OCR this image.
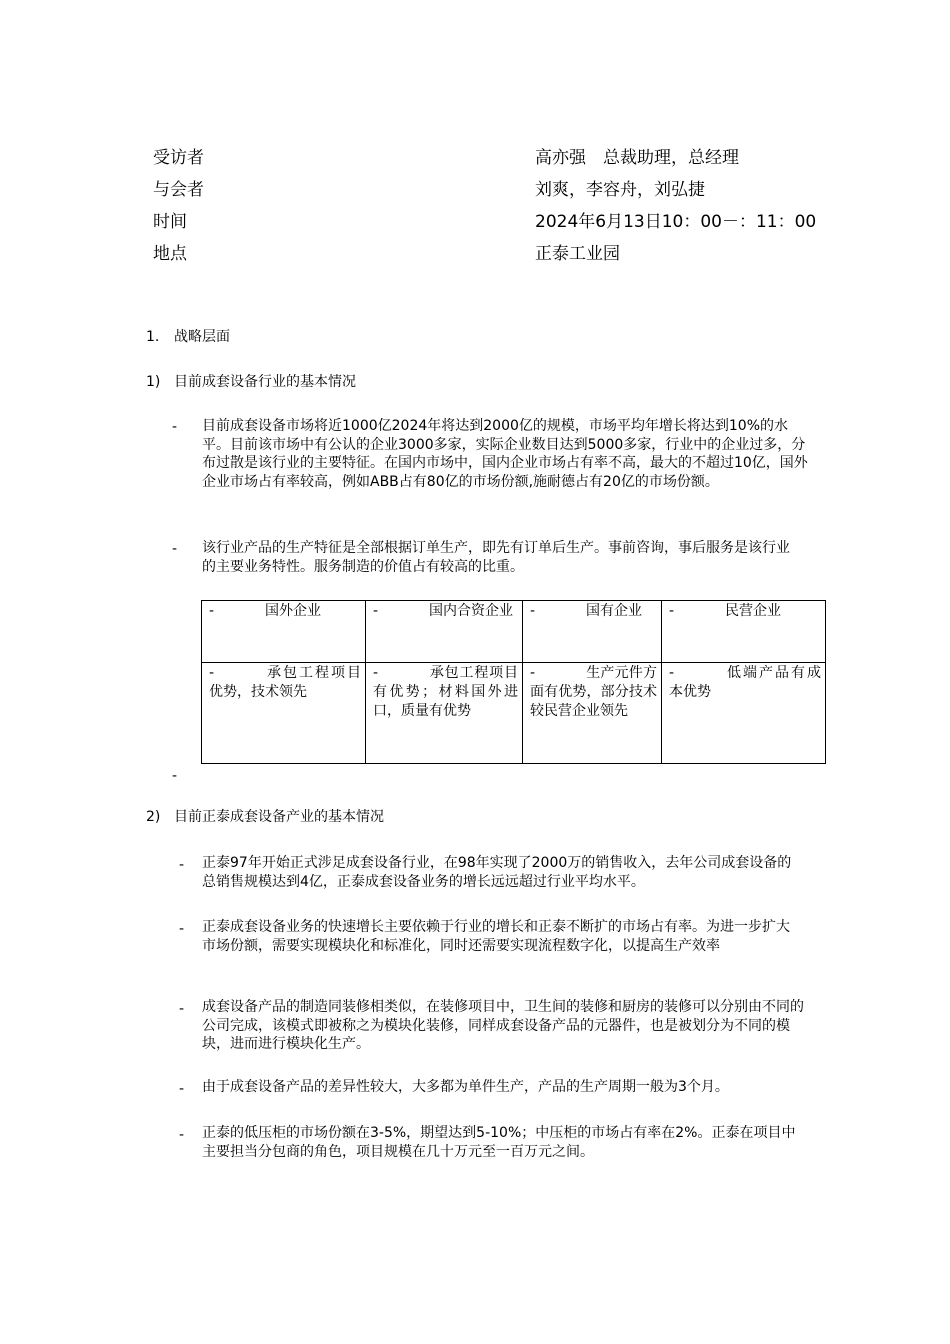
受访者	高亦强　总裁助理，总经理
与会者	刘爽，李容舟，刘弘捷
时间	2024年6月13日10：00－：11：00
地点	正泰工业园
1. 战略层面
1) 目前成套设备行业的基本情况
- 目前成套设备市场将近1000亿2024年将达到2000亿的规模，市场平均年增长将达到10%的水平。目前该市场中有公认的企业3000多家，实际企业数目达到5000多家，行业中的企业过多，分布过散是该行业的主要特征。在国内市场中，国内企业市场占有率不高，最大的不超过10亿，国外企业市场占有率较高，例如ABB占有80亿的市场份额,施耐德占有20亿的市场份额。
- 该行业产品的生产特征是全部根据订单生产，即先有订单后生产。事前咨询，事后服务是该行业的主要业务特性。服务制造的价值占有较高的比重。
- 国外企业	- 国内合资企业	- 国有企业	- 民营企业
- 承包工程项目优势，技术领先	- 承包工程项目有优势；材料国外进口，质量有优势	- 生产元件方面有优势，部分技术较民营企业领先	- 低端产品有成本优势
-
2) 目前正泰成套设备产业的基本情况
- 正泰97年开始正式涉足成套设备行业，在98年实现了2000万的销售收入，去年公司成套设备的总销售规模达到4亿，正泰成套设备业务的增长远远超过行业平均水平。
- 正泰成套设备业务的快速增长主要依赖于行业的增长和正泰不断扩的市场占有率。为进一步扩大市场份额，需要实现模块化和标准化，同时还需要实现流程数字化，以提高生产效率
- 成套设备产品的制造同装修相类似，在装修项目中，卫生间的装修和厨房的装修可以分别由不同的公司完成，该模式即被称之为模块化装修，同样成套设备产品的元器件，也是被划分为不同的模块，进而进行模块化生产。
- 由于成套设备产品的差异性较大，大多都为单件生产，产品的生产周期一般为3个月。
- 正泰的低压柜的市场份额在3-5%，期望达到5-10%；中压柜的市场占有率在2%。正泰在项目中主要担当分包商的角色，项目规模在几十万元至一百万元之间。
